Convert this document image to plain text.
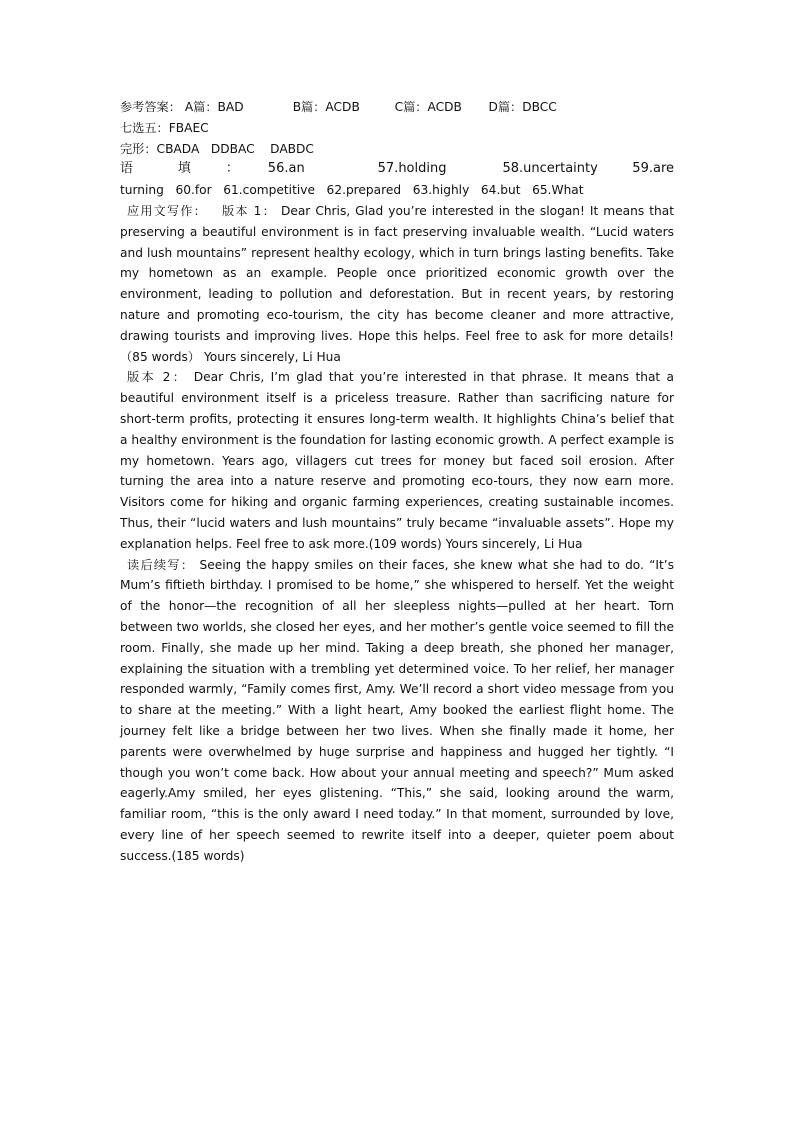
参考答案： A篇：BAD	B篇：ACDB	C篇：ACDB D篇：DBCC
七选五：FBAEC
完形：CBADA   DDBAC    DABDC
语	填	：	56.an	57.holding	58.uncertainty	59.are
turning   60.for   61.competitive   62.prepared   63.highly   64.but   65.What
应用文写作：   版本 1： Dear Chris, Glad you’re interested in the slogan! It means that preserving a beautiful environment is in fact preserving invaluable wealth. “Lucid waters and lush mountains” represent healthy ecology, which in turn brings lasting benefits. Take my hometown as an example. People once prioritized economic growth over the environment, leading to pollution and deforestation. But in recent years, by restoring nature and promoting eco-tourism, the city has become cleaner and more attractive, drawing tourists and improving lives. Hope this helps. Feel free to ask for more details!（85 words） Yours sincerely, Li Hua
版本 2： Dear Chris, I’m glad that you’re interested in that phrase. It means that a beautiful environment itself is a priceless treasure. Rather than sacrificing nature for short-term profits, protecting it ensures long-term wealth. It highlights China’s belief that a healthy environment is the foundation for lasting economic growth. A perfect example is my hometown. Years ago, villagers cut trees for money but faced soil erosion. After turning the area into a nature reserve and promoting eco-tours, they now earn more. Visitors come for hiking and organic farming experiences, creating sustainable incomes. Thus, their “lucid waters and lush mountains” truly became “invaluable assets”. Hope my explanation helps. Feel free to ask more.(109 words) Yours sincerely, Li Hua
读后续写： Seeing the happy smiles on their faces, she knew what she had to do. “It’s Mum’s fiftieth birthday. I promised to be home,” she whispered to herself. Yet the weight of the honor—the recognition of all her sleepless nights—pulled at her heart. Torn between two worlds, she closed her eyes, and her mother’s gentle voice seemed to fill the room. Finally, she made up her mind. Taking a deep breath, she phoned her manager, explaining the situation with a trembling yet determined voice. To her relief, her manager responded warmly, “Family comes first, Amy. We’ll record a short video message from you to share at the meeting.” With a light heart, Amy booked the earliest flight home. The journey felt like a bridge between her two lives. When she finally made it home, her parents were overwhelmed by huge surprise and happiness and hugged her tightly. “I though you won’t come back. How about your annual meeting and speech?” Mum asked eagerly.Amy smiled, her eyes glistening. “This,” she said, looking around the warm, familiar room, “this is the only award I need today.” In that moment, surrounded by love, every line of her speech seemed to rewrite itself into a deeper, quieter poem about success.(185 words)
